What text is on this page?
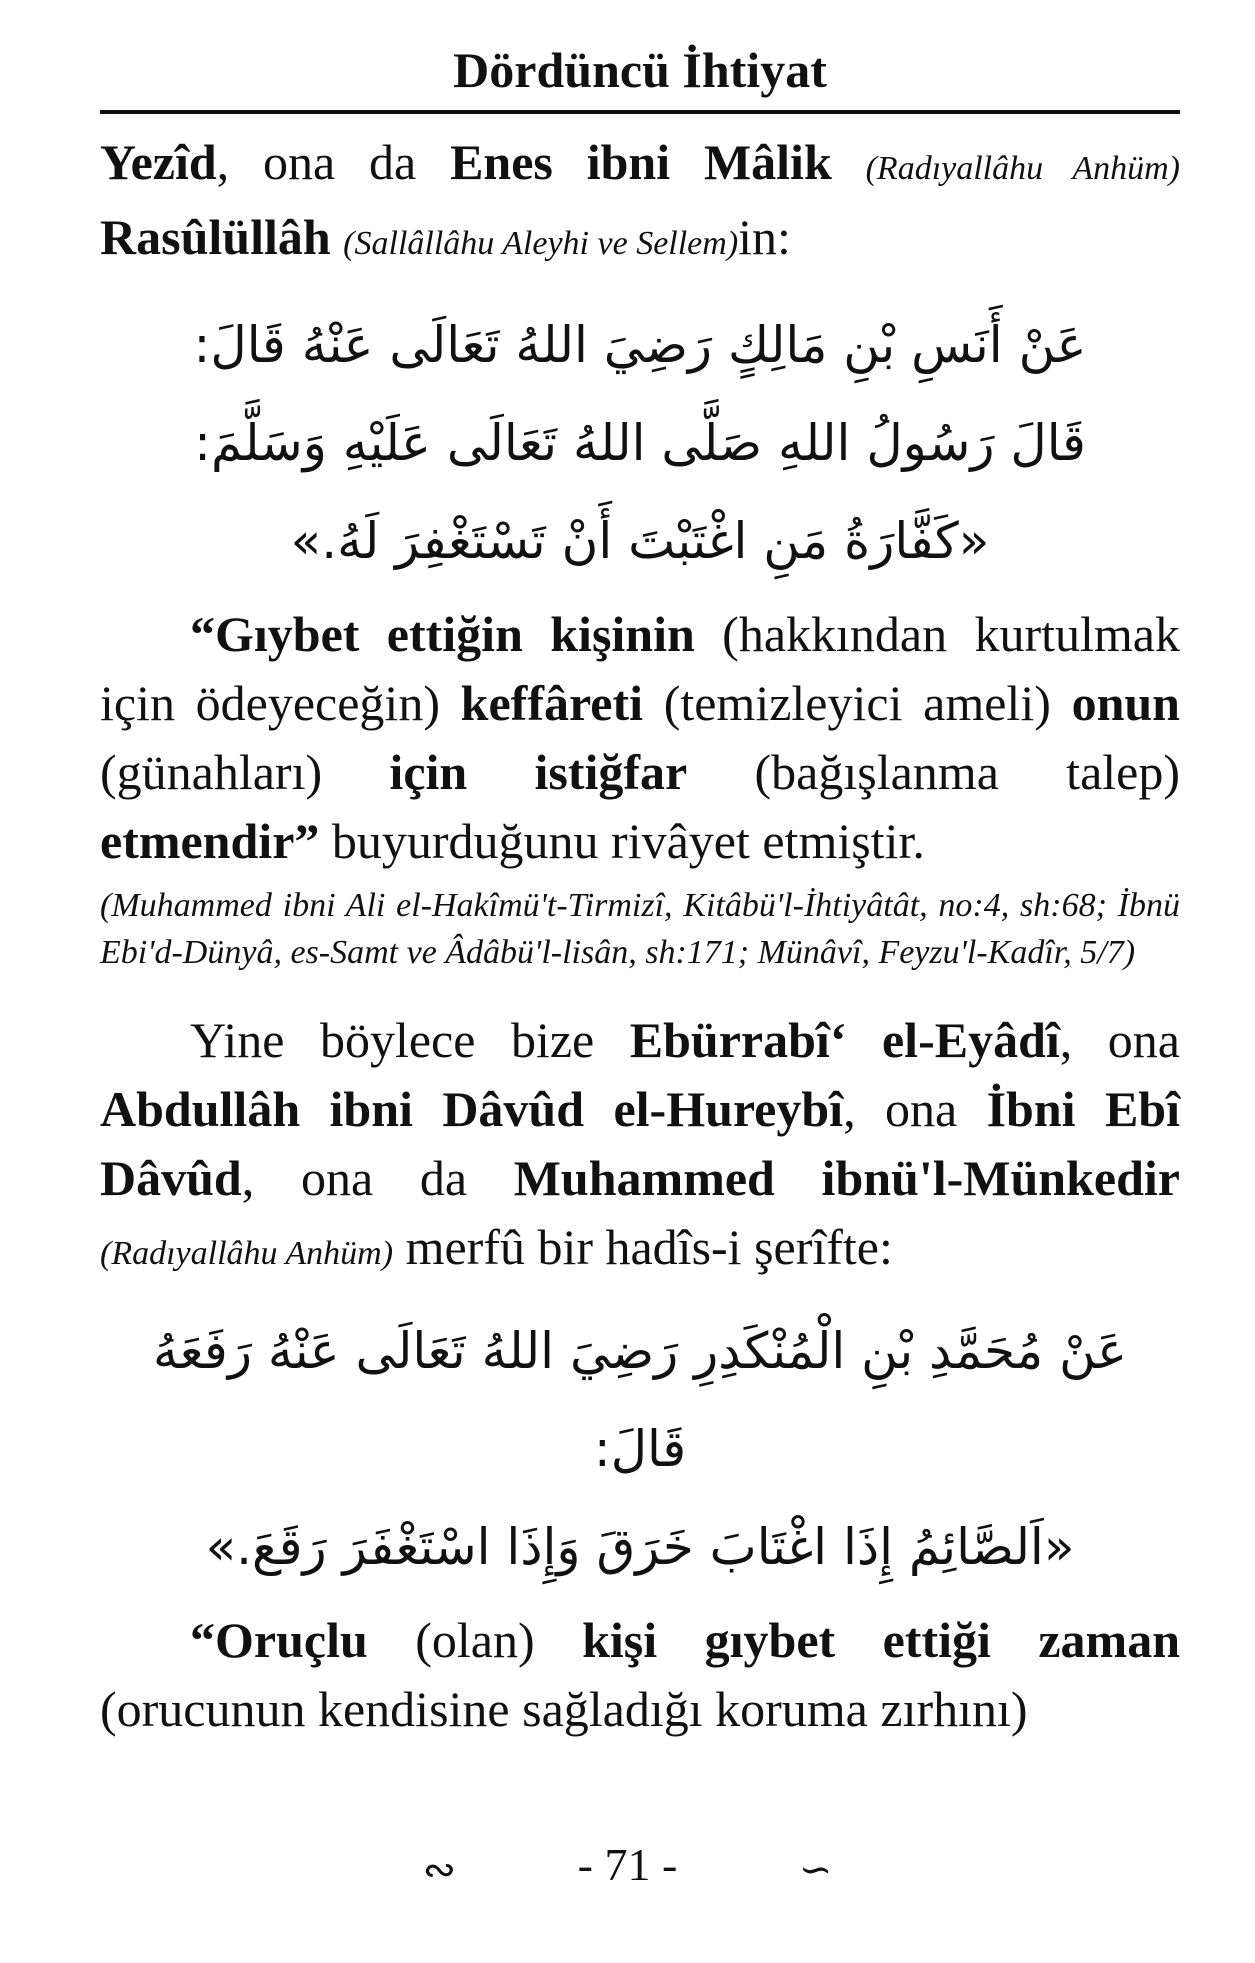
Dördüncü İhtiyat

Yezîd, ona da Enes ibni Mâlik (Radıyallâhu Anhüm) Rasûlüllâh (Sallâllâhu Aleyhi ve Sellem)in:

عَنْ أَنَسِ بْنِ مَالِكٍ رَضِيَ اللهُ تَعَالَى عَنْهُ قَالَ:
قَالَ رَسُولُ اللهِ صَلَّى اللهُ تَعَالَى عَلَيْهِ وَسَلَّمَ:
«كَفَّارَةُ مَنِ اغْتَبْتَ أَنْ تَسْتَغْفِرَ لَهُ.»

“Gıybet ettiğin kişinin (hakkından kurtulmak için ödeyeceğin) keffâreti (temizleyici ameli) onun (günahları) için istiğfar (bağışlanma talep) etmendir” buyurduğunu rivâyet etmiştir.

(Muhammed ibni Ali el-Hakîmü't-Tirmizî, Kitâbü'l-İhtiyâtât, no:4, sh:68; İbnü Ebi'd-Dünyâ, es-Samt ve Âdâbü'l-lisân, sh:171; Münâvî, Feyzu'l-Kadîr, 5/7)

Yine böylece bize Ebürrabî‘ el-Eyâdî, ona Abdullâh ibni Dâvûd el-Hureybî, ona İbni Ebî Dâvûd, ona da Muhammed ibnü'l-Münkedir (Radıyallâhu Anhüm) merfû bir hadîs-i şerîfte:

عَنْ مُحَمَّدِ بْنِ الْمُنْكَدِرِ رَضِيَ اللهُ تَعَالَى عَنْهُ رَفَعَهُ قَالَ:
«اَلصَّائِمُ إِذَا اغْتَابَ خَرَقَ وَإِذَا اسْتَغْفَرَ رَقَعَ.»

“Oruçlu (olan) kişi gıybet ettiği zaman (orucunun kendisine sağladığı koruma zırhını)

∾	- 71 -	∽
